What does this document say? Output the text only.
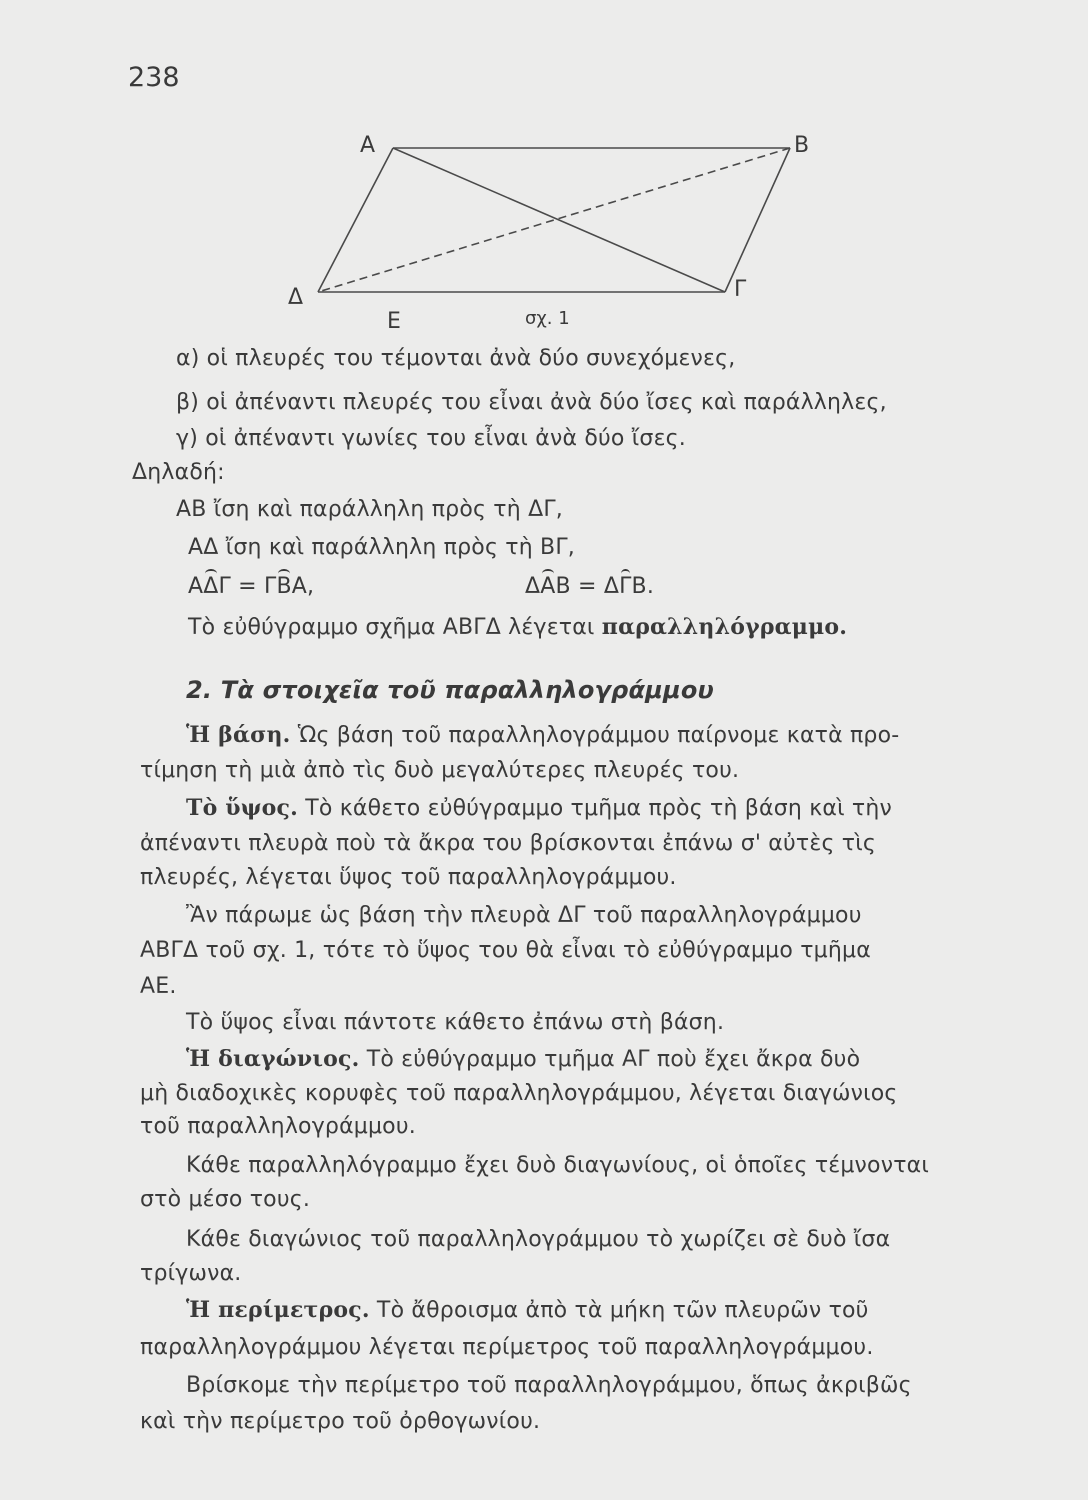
238
A	B
Γ
Δ
E	σχ. 1
α) οἱ πλευρές του τέμονται ἀνὰ δύο συνεχόμενες,
β) οἱ ἀπέναντι πλευρές του εἶναι ἀνὰ δύο ἴσες καὶ παράλληλες,
γ) οἱ ἀπέναντι γωνίες του εἶναι ἀνὰ δύο ἴσες.
Δηλαδή:
AB ἴση καὶ παράλληλη πρὸς τὴ ΔΓ,
AΔ ἴση καὶ παράλληλη πρὸς τὴ BΓ,
AΔΓ = ΓBA,	ΔAB = ΔΓB.
Τὸ εὐθύγραμμο σχῆμα ΑΒΓΔ λέγεται παραλληλόγραμμο.
2. Τὰ στοιχεῖα τοῦ παραλληλογράμμου
Ἡ βάση. Ὡς βάση τοῦ παραλληλογράμμου παίρνομε κατὰ προ-
τίμηση τὴ μιὰ ἀπὸ τὶς δυὸ μεγαλύτερες πλευρές του.
Τὸ ὕψος. Τὸ κάθετο εὐθύγραμμο τμῆμα πρὸς τὴ βάση καὶ τὴν
ἀπέναντι πλευρὰ ποὺ τὰ ἄκρα του βρίσκονται ἐπάνω σ' αὐτὲς τὶς
πλευρές, λέγεται ὕψος τοῦ παραλληλογράμμου.
Ἂν πάρωμε ὡς βάση τὴν πλευρὰ ΔΓ τοῦ παραλληλογράμμου
ΑΒΓΔ τοῦ σχ. 1, τότε τὸ ὕψος του θὰ εἶναι τὸ εὐθύγραμμο τμῆμα
ΑΕ.
Τὸ ὕψος εἶναι πάντοτε κάθετο ἐπάνω στὴ βάση.
Ἡ διαγώνιος. Τὸ εὐθύγραμμο τμῆμα ΑΓ ποὺ ἔχει ἄκρα δυὸ
μὴ διαδοχικὲς κορυφὲς τοῦ παραλληλογράμμου, λέγεται διαγώνιος
τοῦ παραλληλογράμμου.
Κάθε παραλληλόγραμμο ἔχει δυὸ διαγωνίους, οἱ ὁποῖες τέμνονται
στὸ μέσο τους.
Κάθε διαγώνιος τοῦ παραλληλογράμμου τὸ χωρίζει σὲ δυὸ ἴσα
τρίγωνα.
Ἡ περίμετρος. Τὸ ἄθροισμα ἀπὸ τὰ μήκη τῶν πλευρῶν τοῦ
παραλληλογράμμου λέγεται περίμετρος τοῦ παραλληλογράμμου.
Βρίσκομε τὴν περίμετρο τοῦ παραλληλογράμμου, ὅπως ἀκριβῶς
καὶ τὴν περίμετρο τοῦ ὀρθογωνίου.
